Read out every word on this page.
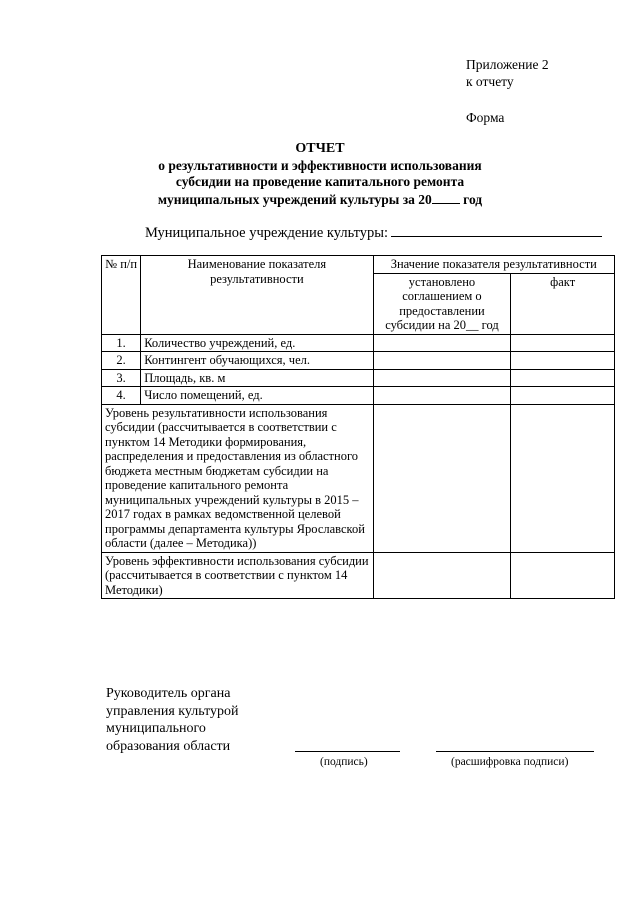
Приложение 2
к отчету
Форма
ОТЧЕТ
о результативности и эффективности использования
субсидии на проведение капитального ремонта
муниципальных учреждений культуры за 20 год
Муниципальное учреждение культуры:
№ п/п	Наименование показателя результативности	Значение показателя результативности	
		установлено соглашением о предоставлении субсидии на 20__ год	факт
1.	Количество учреждений, ед.		
2.	Контингент обучающихся, чел.		
3.	Площадь, кв. м		
4.	Число помещений, ед.		
Уровень результативности использования субсидии (рассчитывается в соответствии с пунктом 14 Методики формирования, распределения и предоставления из областного бюджета местным бюджетам субсидии на проведение капитального ремонта муниципальных учреждений культуры в 2015 – 2017 годах в рамках ведомственной целевой программы департамента культуры Ярославской области (далее – Методика))			
Уровень эффективности использования субсидии (рассчитывается в соответствии с пунктом 14 Методики)			
Руководитель органа
управления культурой
муниципального
образования области
(подпись)	(расшифровка подписи)
